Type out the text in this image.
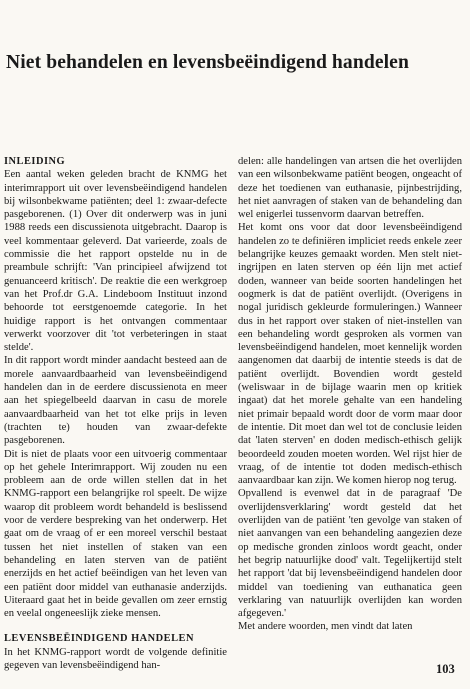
Niet behandelen en levensbeëindigend handelen
INLEIDING

Een aantal weken geleden bracht de KNMG het interimrapport uit over levensbeëindigend handelen bij wilsonbekwame patiënten; deel 1: zwaar-defecte pasgeborenen. (1) Over dit onderwerp was in juni 1988 reeds een discussienota uitgebracht. Daarop is veel kommentaar geleverd. Dat varieerde, zoals de commissie die het rapport opstelde nu in de preambule schrijft: 'Van principieel afwijzend tot genuanceerd kritisch'. De reaktie die een werkgroep van het Prof.dr G.A. Lindeboom Instituut inzond behoorde tot eerstgenoemde categorie. In het huidige rapport is het ontvangen commentaar verwerkt voorzover dit 'tot verbeteringen in staat stelde'.

In dit rapport wordt minder aandacht besteed aan de morele aanvaardbaarheid van levensbeëindigend handelen dan in de eerdere discussienota en meer aan het spiegelbeeld daarvan in casu de morele aanvaardbaarheid van het tot elke prijs in leven (trachten te) houden van zwaar-defekte pasgeborenen.

Dit is niet de plaats voor een uitvoerig commentaar op het gehele Interimrapport. Wij zouden nu een probleem aan de orde willen stellen dat in het KNMG-rapport een belangrijke rol speelt. De wijze waarop dit probleem wordt behandeld is beslissend voor de verdere bespreking van het onderwerp. Het gaat om de vraag of er een moreel verschil bestaat tussen het niet instellen of staken van een behandeling en laten sterven van de patiënt enerzijds en het actief beëindigen van het leven van een patiënt door middel van euthanasie anderzijds. Uiteraard gaat het in beide gevallen om zeer ernstig en veelal ongeneeslijk zieke mensen.

LEVENSBEËINDIGEND HANDELEN

In het KNMG-rapport wordt de volgende definitie gegeven van levensbeëindigend han-

delen: alle handelingen van artsen die het overlijden van een wilsonbekwame patiënt beogen, ongeacht of deze het toedienen van euthanasie, pijnbestrijding, het niet aanvragen of staken van de behandeling dan wel enigerlei tussenvorm daarvan betreffen.

Het komt ons voor dat door levensbeëindigend handelen zo te definiëren impliciet reeds enkele zeer belangrijke keuzes gemaakt worden. Men stelt niet-ingrijpen en laten sterven op één lijn met actief doden, wanneer van beide soorten handelingen het oogmerk is dat de patiënt overlijdt. (Overigens in nogal juridisch gekleurde formuleringen.) Wanneer dus in het rapport over staken of niet-instellen van een behandeling wordt gesproken als vormen van levensbeëindigend handelen, moet kennelijk worden aangenomen dat daarbij de intentie steeds is dat de patiënt overlijdt. Bovendien wordt gesteld (weliswaar in de bijlage waarin men op kritiek ingaat) dat het morele gehalte van een handeling niet primair bepaald wordt door de vorm maar door de intentie. Dit moet dan wel tot de conclusie leiden dat 'laten sterven' en doden medisch-ethisch gelijk beoordeeld zouden moeten worden. Wel rijst hier de vraag, of de intentie tot doden medisch-ethisch aanvaardbaar kan zijn. We komen hierop nog terug.

Opvallend is evenwel dat in de paragraaf 'De overlijdensverklaring' wordt gesteld dat het overlijden van de patiënt 'ten gevolge van staken of niet aanvangen van een behandeling aangezien deze op medische gronden zinloos wordt geacht, onder het begrip natuurlijke dood' valt. Tegelijkertijd stelt het rapport 'dat bij levensbeëindigend handelen door middel van toediening van euthanatica geen verklaring van natuurlijk overlijden kan worden afgegeven.'

Met andere woorden, men vindt dat laten

103
